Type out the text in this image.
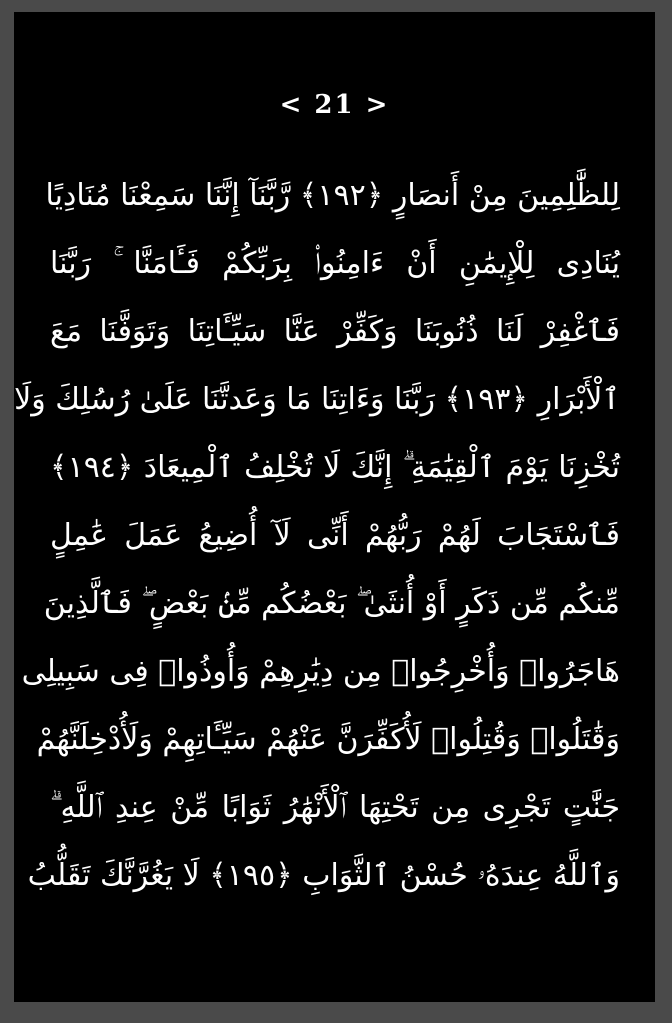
< 21 >
لِلظَّٰلِمِينَ مِنْ أَنصَارٍ ﴿١٩٢﴾ رَّبَّنَآ إِنَّنَا سَمِعْنَا مُنَادِيًا
يُنَادِى لِلْإِيمَٰنِ أَنْ ءَامِنُوا۟ بِرَبِّكُمْ فَـَٔامَنَّا ۚ رَبَّنَا
فَٱغْفِرْ لَنَا ذُنُوبَنَا وَكَفِّرْ عَنَّا سَيِّـَٔاتِنَا وَتَوَفَّنَا مَعَ
ٱلْأَبْرَارِ ﴿١٩٣﴾ رَبَّنَا وَءَاتِنَا مَا وَعَدتَّنَا عَلَىٰ رُسُلِكَ وَلَا
تُخْزِنَا يَوْمَ ٱلْقِيَٰمَةِ ۗ إِنَّكَ لَا تُخْلِفُ ٱلْمِيعَادَ ﴿١٩٤﴾
فَٱسْتَجَابَ لَهُمْ رَبُّهُمْ أَنِّى لَآ أُضِيعُ عَمَلَ عَٰمِلٍ
مِّنكُم مِّن ذَكَرٍ أَوْ أُنثَىٰ ۖ بَعْضُكُم مِّنۢ بَعْضٍ ۖ فَٱلَّذِينَ
هَاجَرُوا۟ وَأُخْرِجُوا۟ مِن دِيَٰرِهِمْ وَأُوذُوا۟ فِى سَبِيلِى
وَقَٰتَلُوا۟ وَقُتِلُوا۟ لَأُكَفِّرَنَّ عَنْهُمْ سَيِّـَٔاتِهِمْ وَلَأُدْخِلَنَّهُمْ
جَنَّٰتٍ تَجْرِى مِن تَحْتِهَا ٱلْأَنْهَٰرُ ثَوَابًا مِّنْ عِندِ ٱللَّهِ ۗ
وَٱللَّهُ عِندَهُۥ حُسْنُ ٱلثَّوَابِ ﴿١٩٥﴾ لَا يَغُرَّنَّكَ تَقَلُّبُ
